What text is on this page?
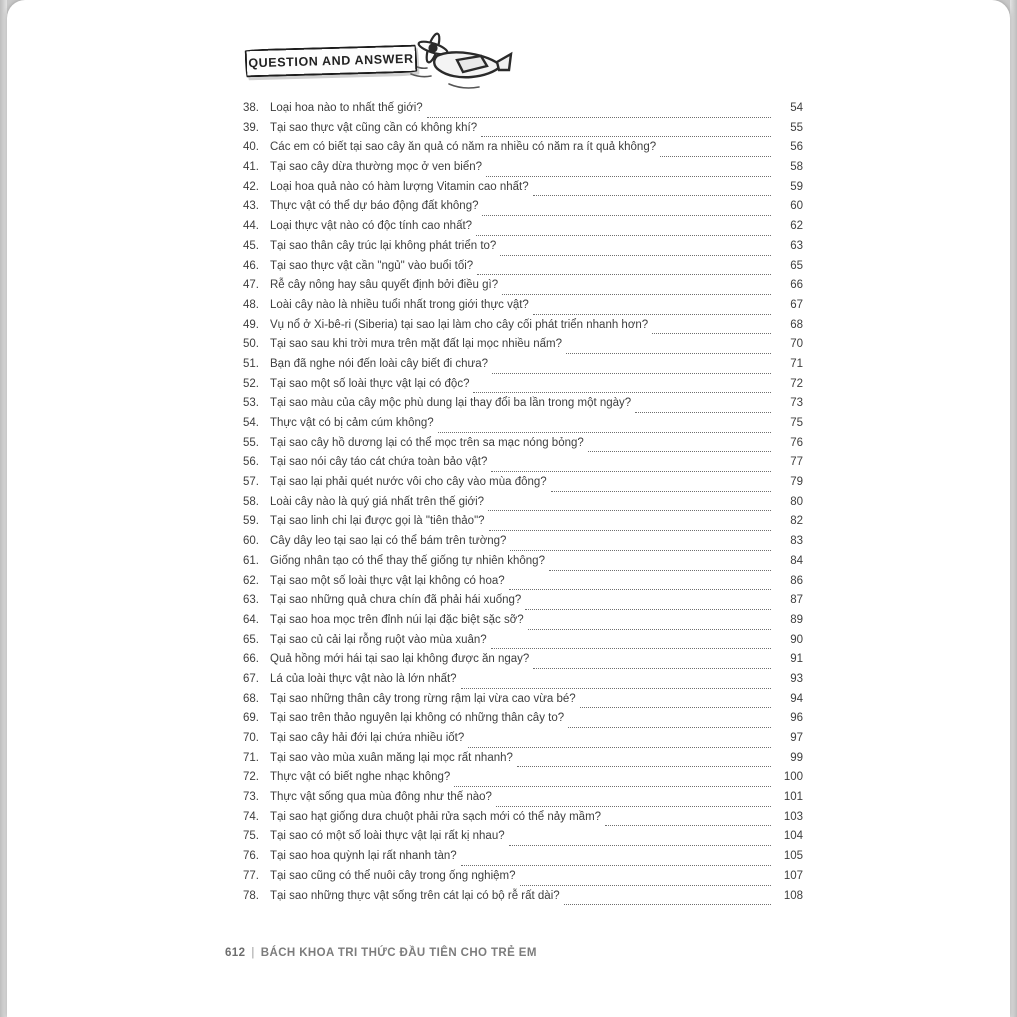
QUESTION AND ANSWER
38. Loại hoa nào to nhất thế giới?	54
39. Tại sao thực vật cũng cần có không khí?	55
40. Các em có biết tại sao cây ăn quả có năm ra nhiều có năm ra ít quả không?	56
41. Tại sao cây dừa thường mọc ở ven biển?	58
42. Loại hoa quả nào có hàm lượng Vitamin cao nhất?	59
43. Thực vật có thể dự báo động đất không?	60
44. Loại thực vật nào có độc tính cao nhất?	62
45. Tại sao thân cây trúc lại không phát triển to?	63
46. Tại sao thực vật cần "ngủ" vào buổi tối?	65
47. Rễ cây nông hay sâu quyết định bởi điều gì?	66
48. Loài cây nào là nhiều tuổi nhất trong giới thực vật?	67
49. Vụ nổ ở Xi-bê-ri (Siberia) tại sao lại làm cho cây cối phát triển nhanh hơn?	68
50. Tại sao sau khi trời mưa trên mặt đất lại mọc nhiều nấm?	70
51. Bạn đã nghe nói đến loài cây biết đi chưa?	71
52. Tại sao một số loài thực vật lại có độc?	72
53. Tại sao màu của cây mộc phù dung lại thay đổi ba lần trong một ngày?	73
54. Thực vật có bị cảm cúm không?	75
55. Tại sao cây hồ dương lại có thể mọc trên sa mạc nóng bỏng?	76
56. Tại sao nói cây táo cát chứa toàn bảo vật?	77
57. Tại sao lại phải quét nước vôi cho cây vào mùa đông?	79
58. Loài cây nào là quý giá nhất trên thế giới?	80
59. Tại sao linh chi lại được gọi là "tiên thảo"?	82
60. Cây dây leo tại sao lại có thể bám trên tường?	83
61. Giống nhân tạo có thể thay thế giống tự nhiên không?	84
62. Tại sao một số loài thực vật lại không có hoa?	86
63. Tại sao những quả chưa chín đã phải hái xuống?	87
64. Tại sao hoa mọc trên đỉnh núi lại đặc biệt sặc sỡ?	89
65. Tại sao củ cải lại rỗng ruột vào mùa xuân?	90
66. Quả hồng mới hái tại sao lại không được ăn ngay?	91
67. Lá của loài thực vật nào là lớn nhất?	93
68. Tại sao những thân cây trong rừng rậm lại vừa cao vừa bé?	94
69. Tại sao trên thảo nguyên lại không có những thân cây to?	96
70. Tại sao cây hải đới lại chứa nhiều iốt?	97
71. Tại sao vào mùa xuân măng lại mọc rất nhanh?	99
72. Thực vật có biết nghe nhạc không?	100
73. Thực vật sống qua mùa đông như thế nào?	101
74. Tại sao hạt giống dưa chuột phải rửa sạch mới có thể nảy mầm?	103
75. Tại sao có một số loài thực vật lại rất kị nhau?	104
76. Tại sao hoa quỳnh lại rất nhanh tàn?	105
77. Tại sao cũng có thể nuôi cây trong ống nghiệm?	107
78. Tại sao những thực vật sống trên cát lại có bộ rễ rất dài?	108
612 | BÁCH KHOA TRI THỨC ĐẦU TIÊN CHO TRẺ EM
